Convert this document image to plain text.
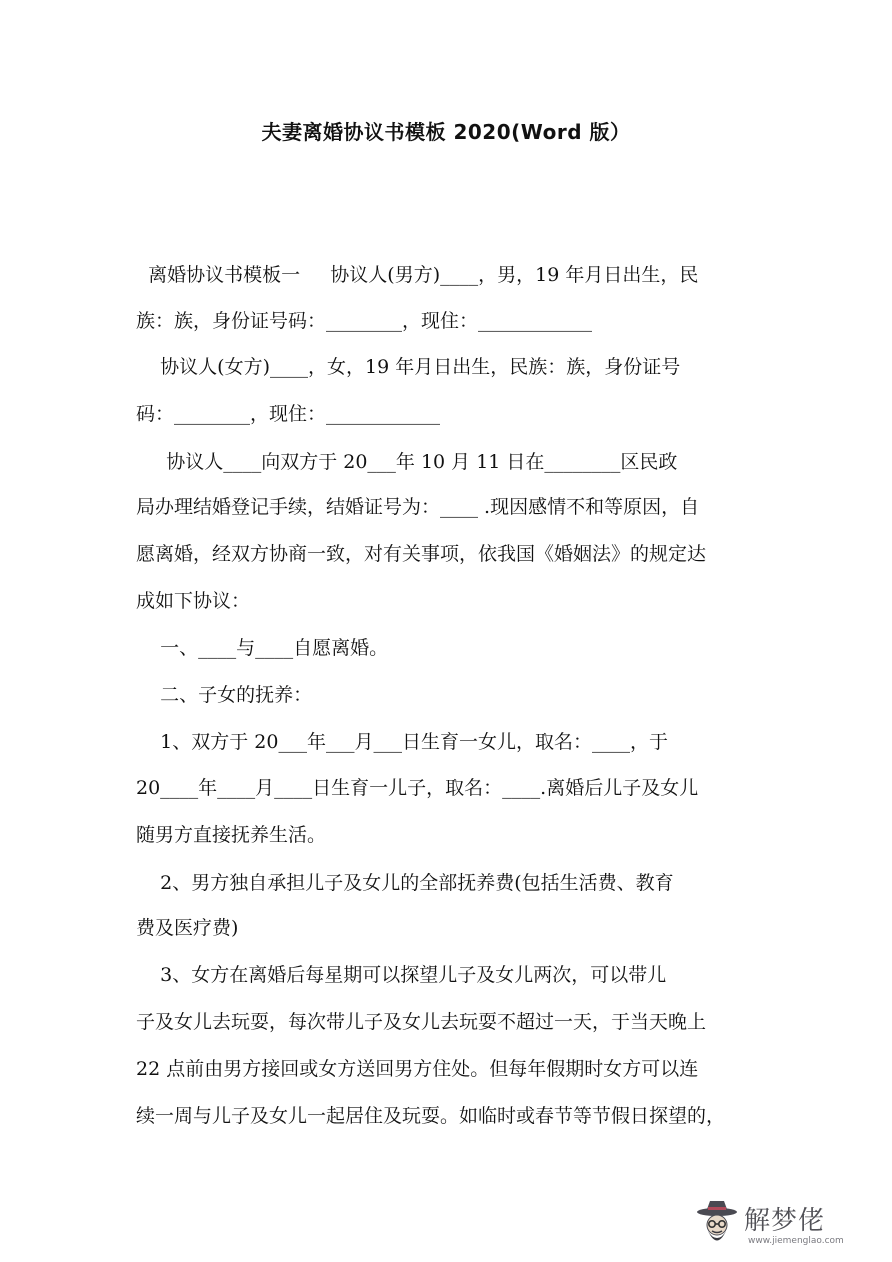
夫妻离婚协议书模板 2020(Word 版）
离婚协议书模板一     协议人(男方)____，男，19 年月日出生，民
族：族，身份证号码：________，现住：____________
协议人(女方)____，女，19 年月日出生，民族：族，身份证号
码：________，现住：____________
协议人____向双方于 20___年 10 月 11 日在________区民政
局办理结婚登记手续，结婚证号为：____ .现因感情不和等原因，自
愿离婚，经双方协商一致，对有关事项，依我国《婚姻法》的规定达
成如下协议：
一、____与____自愿离婚。
二、子女的抚养：
1、双方于 20___年___月___日生育一女儿，取名：____，于
20____年____月____日生育一儿子，取名：____.离婚后儿子及女儿
随男方直接抚养生活。
2、男方独自承担儿子及女儿的全部抚养费(包括生活费、教育
费及医疗费)
3、女方在离婚后每星期可以探望儿子及女儿两次，可以带儿
子及女儿去玩耍，每次带儿子及女儿去玩耍不超过一天，于当天晚上
22 点前由男方接回或女方送回男方住处。但每年假期时女方可以连
续一周与儿子及女儿一起居住及玩耍。如临时或春节等节假日探望的，
解梦佬
www.jiemenglao.com
